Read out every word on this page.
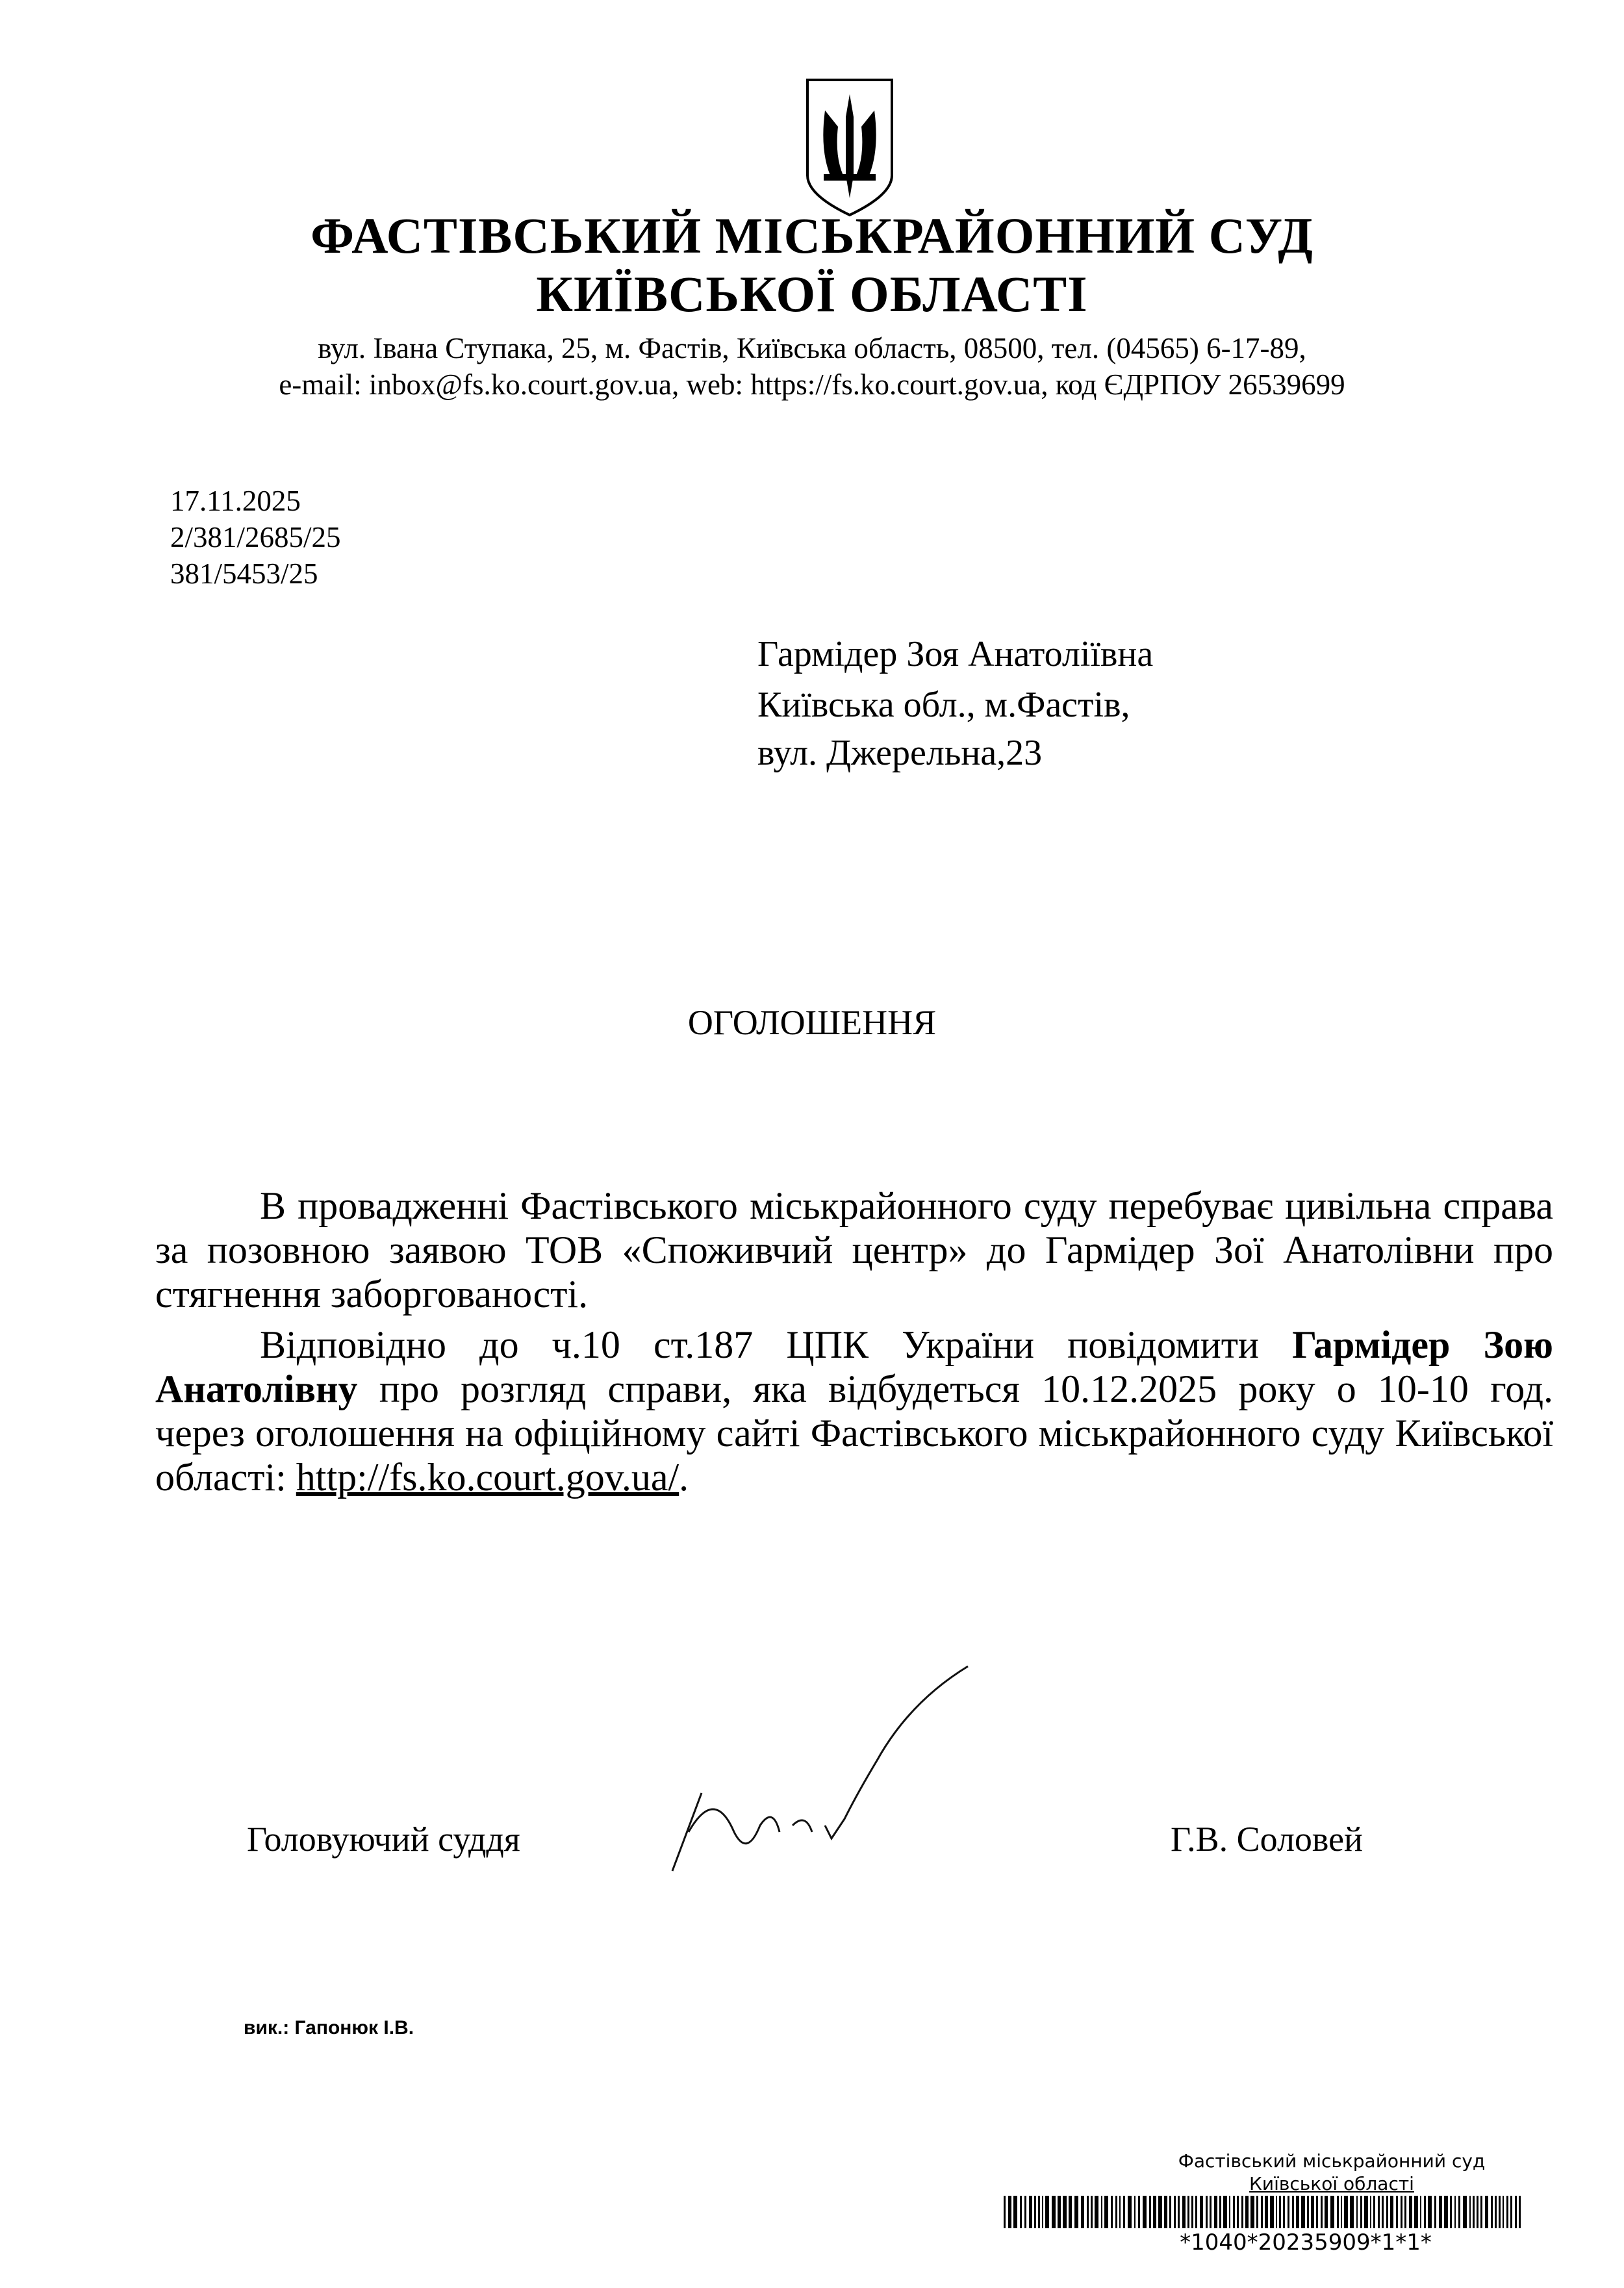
ФАСТІВСЬКИЙ МІСЬКРАЙОННИЙ СУД
КИЇВСЬКОЇ ОБЛАСТІ
вул. Івана Ступака, 25, м. Фастів, Київська область, 08500, тел. (04565) 6-17-89,
e-mail: inbox@fs.ko.court.gov.ua, web: https://fs.ko.court.gov.ua, код ЄДРПОУ 26539699
17.11.2025
2/381/2685/25
381/5453/25
Гармідер Зоя Анатоліївна
Київська обл., м.Фастів,
вул. Джерельна,23
ОГОЛОШЕННЯ
В провадженні Фастівського міськрайонного суду перебуває цивільна справа
за позовною заявою ТОВ «Споживчий центр» до Гармідер Зої Анатолівни про
стягнення заборгованості.
Відповідно до ч.10 ст.187 ЦПК України повідомити Гармідер Зою
Анатолівну про розгляд справи, яка відбудеться 10.12.2025 року о 10-10 год.
через оголошення на офіційному сайті Фастівського міськрайонного суду Київської
області: http://fs.ko.court.gov.ua/.
Головуючий суддя	Г.В. Соловей
вик.: Гапонюк І.В.
Фастівський міськрайонний суд
Київської області
*1040*20235909*1*1*
